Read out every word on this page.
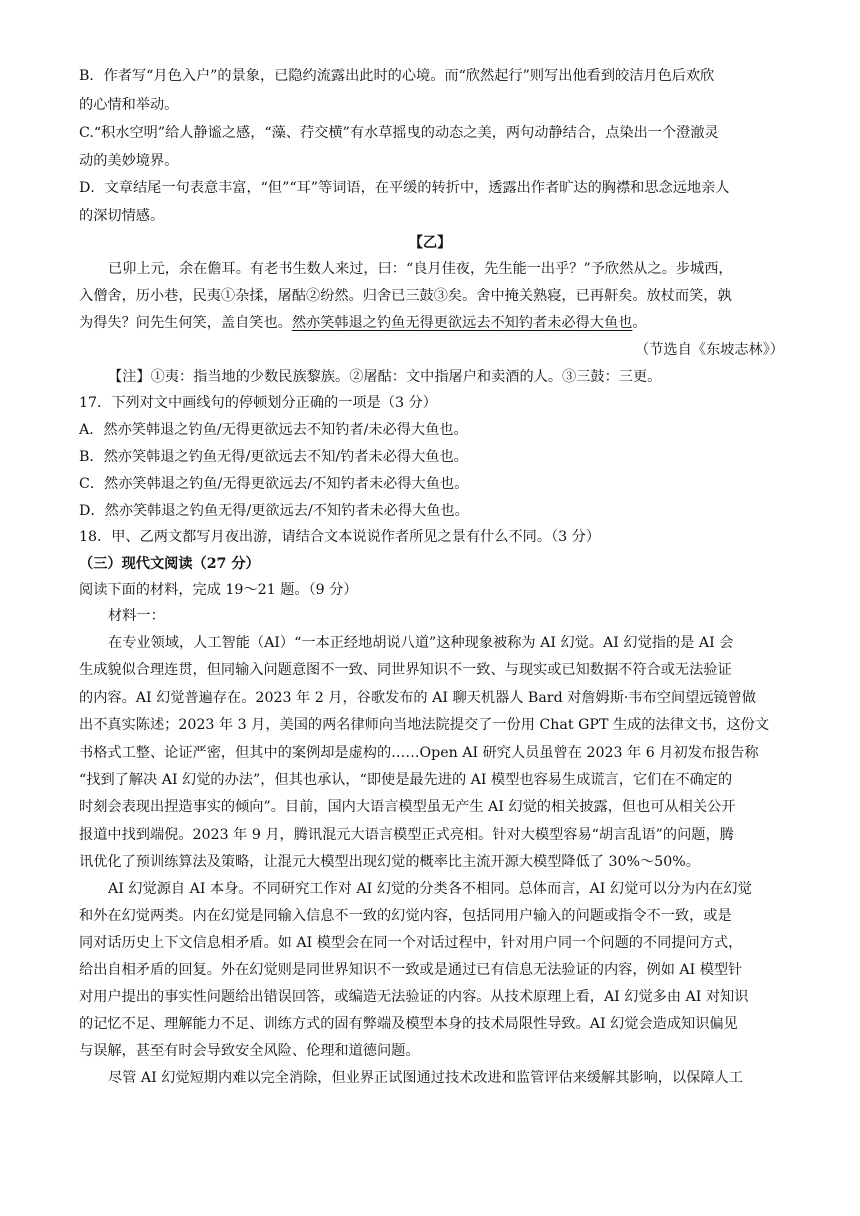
B．作者写“月色入户”的景象，已隐约流露出此时的心境。而“欣然起行”则写出他看到皎洁月色后欢欣
的心情和举动。
C.“积水空明”给人静谧之感，“藻、荇交横”有水草摇曳的动态之美，两句动静结合，点染出一个澄澈灵
动的美妙境界。
D．文章结尾一句表意丰富，“但”“耳”等词语，在平缓的转折中，透露出作者旷达的胸襟和思念远地亲人
的深切情感。
【乙】
已卯上元，余在儋耳。有老书生数人来过，曰：“良月佳夜，先生能一出乎？”予欣然从之。步城西，
入僧舍，历小巷，民夷①杂揉，屠酤②纷然。归舍已三鼓③矣。舍中掩关熟寝，已再鼾矣。放杖而笑，孰
为得失？问先生何笑，盖自笑也。然亦笑韩退之钓鱼无得更欲远去不知钓者未必得大鱼也。
（节选自《东坡志林》）
【注】①夷：指当地的少数民族黎族。②屠酤：文中指屠户和卖酒的人。③三鼓：三更。
17．下列对文中画线句的停顿划分正确的一项是（3 分）
A．然亦笑韩退之钓鱼/无得更欲远去不知钓者/未必得大鱼也。
B．然亦笑韩退之钓鱼无得/更欲远去不知/钓者未必得大鱼也。
C．然亦笑韩退之钓鱼/无得更欲远去/不知钓者未必得大鱼也。
D．然亦笑韩退之钓鱼无得/更欲远去/不知钓者未必得大鱼也。
18．甲、乙两文都写月夜出游，请结合文本说说作者所见之景有什么不同。（3 分）
（三）现代文阅读（27 分）
阅读下面的材料，完成 19～21 题。（9 分）
材料一：
在专业领域，人工智能（AI）“一本正经地胡说八道”这种现象被称为 AI 幻觉。AI 幻觉指的是 AI 会
生成貌似合理连贯，但同输入问题意图不一致、同世界知识不一致、与现实或已知数据不符合或无法验证
的内容。AI 幻觉普遍存在。2023 年 2 月，谷歌发布的 AI 聊天机器人 Bard 对詹姆斯·韦布空间望远镜曾做
出不真实陈述；2023 年 3 月，美国的两名律师向当地法院提交了一份用 Chat GPT 生成的法律文书，这份文
书格式工整、论证严密，但其中的案例却是虚构的……Open AI 研究人员虽曾在 2023 年 6 月初发布报告称
“找到了解决 AI 幻觉的办法”，但其也承认，“即使是最先进的 AI 模型也容易生成谎言，它们在不确定的
时刻会表现出捏造事实的倾向”。目前，国内大语言模型虽无产生 AI 幻觉的相关披露，但也可从相关公开
报道中找到端倪。2023 年 9 月，腾讯混元大语言模型正式亮相。针对大模型容易“胡言乱语”的问题，腾
讯优化了预训练算法及策略，让混元大模型出现幻觉的概率比主流开源大模型降低了 30%～50%。
AI 幻觉源自 AI 本身。不同研究工作对 AI 幻觉的分类各不相同。总体而言，AI 幻觉可以分为内在幻觉
和外在幻觉两类。内在幻觉是同输入信息不一致的幻觉内容，包括同用户输入的问题或指令不一致，或是
同对话历史上下文信息相矛盾。如 AI 模型会在同一个对话过程中，针对用户同一个问题的不同提问方式，
给出自相矛盾的回复。外在幻觉则是同世界知识不一致或是通过已有信息无法验证的内容，例如 AI 模型针
对用户提出的事实性问题给出错误回答，或编造无法验证的内容。从技术原理上看，AI 幻觉多由 AI 对知识
的记忆不足、理解能力不足、训练方式的固有弊端及模型本身的技术局限性导致。AI 幻觉会造成知识偏见
与误解，甚至有时会导致安全风险、伦理和道德问题。
尽管 AI 幻觉短期内难以完全消除，但业界正试图通过技术改进和监管评估来缓解其影响，以保障人工
